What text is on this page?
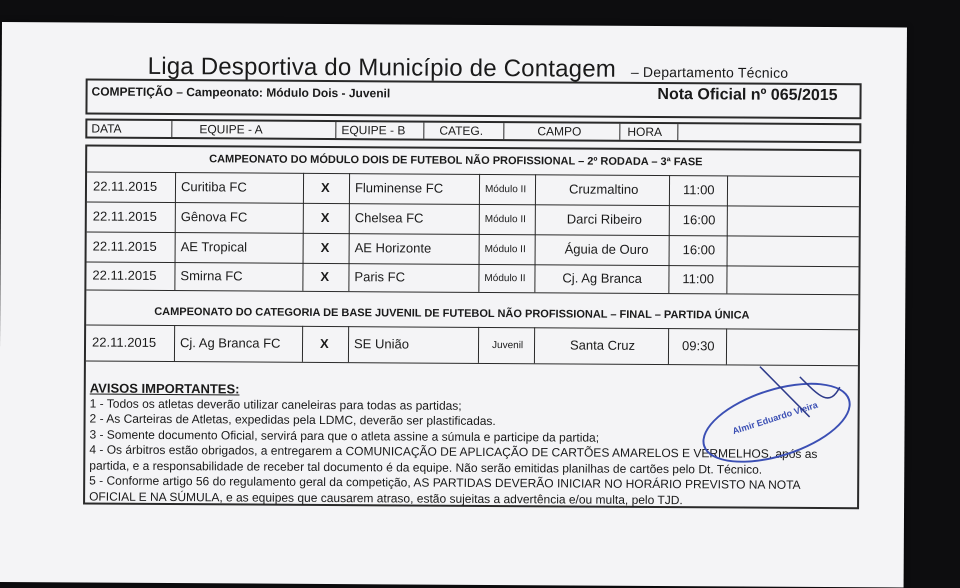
Liga Desportiva do Município de Contagem – Departamento Técnico
COMPETIÇÃO – Campeonato: Módulo Dois - Juvenil	Nota Oficial nº 065/2015
DATA	EQUIPE - A	EQUIPE - B	CATEG.	CAMPO	HORA
CAMPEONATO DO MÓDULO DOIS DE FUTEBOL NÃO PROFISSIONAL – 2º RODADA – 3ª FASE
22.11.2015 Curitiba FC	X Fluminense FC	Módulo II	Cruzmaltino	11:00
22.11.2015 Gênova FC	X Chelsea FC	Módulo II	Darci Ribeiro	16:00
22.11.2015 AE Tropical	X AE Horizonte	Módulo II	Águia de Ouro	16:00
22.11.2015 Smirna FC	X Paris FC	Módulo II	Cj. Ag Branca	11:00
CAMPEONATO DO CATEGORIA DE BASE JUVENIL DE FUTEBOL NÃO PROFISSIONAL – FINAL – PARTIDA ÚNICA
22.11.2015 Cj. Ag Branca FC	X SE União	Juvenil	Santa Cruz	09:30
AVISOS IMPORTANTES:
1 - Todos os atletas deverão utilizar caneleiras para todas as partidas;
2 - As Carteiras de Atletas, expedidas pela LDMC, deverão ser plastificadas.
3 - Somente documento Oficial, servirá para que o atleta assine a súmula e participe da partida;
4 - Os árbitros estão obrigados, a entregarem a COMUNICAÇÃO DE APLICAÇÃO DE CARTÕES AMARELOS E VERMELHOS, após as partida, e a responsabilidade de receber tal documento é da equipe. Não serão emitidas planilhas de cartões pelo Dt. Técnico.
5 - Conforme artigo 56 do regulamento geral da competição, AS PARTIDAS DEVERÃO INICIAR NO HORÁRIO PREVISTO NA NOTA OFICIAL E NA SÚMULA, e as equipes que causarem atraso, estão sujeitas a advertência e/ou multa, pelo TJD.
Almir Eduardo Vieira
